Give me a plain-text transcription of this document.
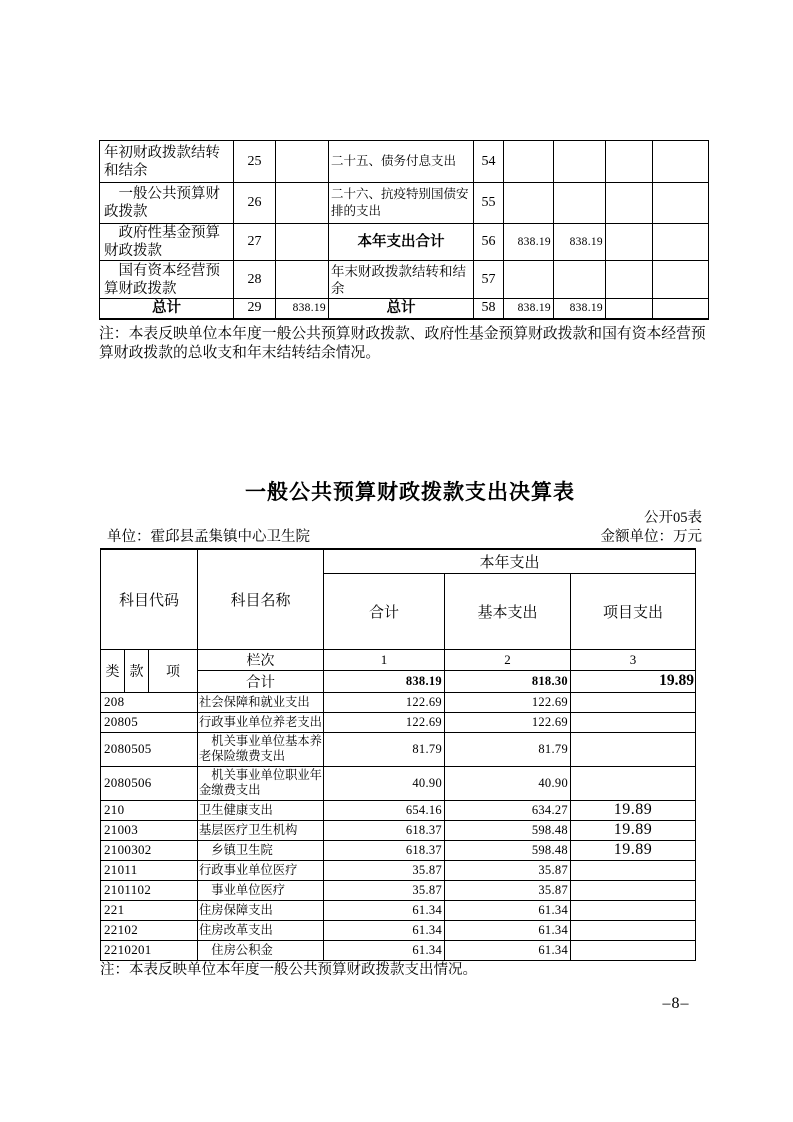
年初财政拨款结转和结余	25		二十五、债务付息支出	54				
　一般公共预算财政拨款	26		二十六、抗疫特别国债安排的支出	55				
　政府性基金预算财政拨款	27		本年支出合计	56	838.19	838.19		
　国有资本经营预算财政拨款	28		年末财政拨款结转和结余	57				
总计	29	838.19	总计	58	838.19	838.19		
注：本表反映单位本年度一般公共预算财政拨款、政府性基金预算财政拨款和国有资本经营预算财政拨款的总收支和年末结转结余情况。
一般公共预算财政拨款支出决算表
公开05表
单位：霍邱县孟集镇中心卫生院	金额单位：万元
科目代码			科目名称	本年支出		
				合计	基本支出	项目支出
类	款	项	栏次	1	2	3
			合计	838.19	818.30	19.89
208			社会保障和就业支出	122.69	122.69	
20805			行政事业单位养老支出	122.69	122.69	
2080505			　机关事业单位基本养老保险缴费支出	81.79	81.79	
2080506			　机关事业单位职业年金缴费支出	40.90	40.90	
210			卫生健康支出	654.16	634.27	19.89
21003			基层医疗卫生机构	618.37	598.48	19.89
2100302			　乡镇卫生院	618.37	598.48	19.89
21011			行政事业单位医疗	35.87	35.87	
2101102			　事业单位医疗	35.87	35.87	
221			住房保障支出	61.34	61.34	
22102			住房改革支出	61.34	61.34	
2210201			　住房公积金	61.34	61.34	
注：本表反映单位本年度一般公共预算财政拨款支出情况。
–8–
